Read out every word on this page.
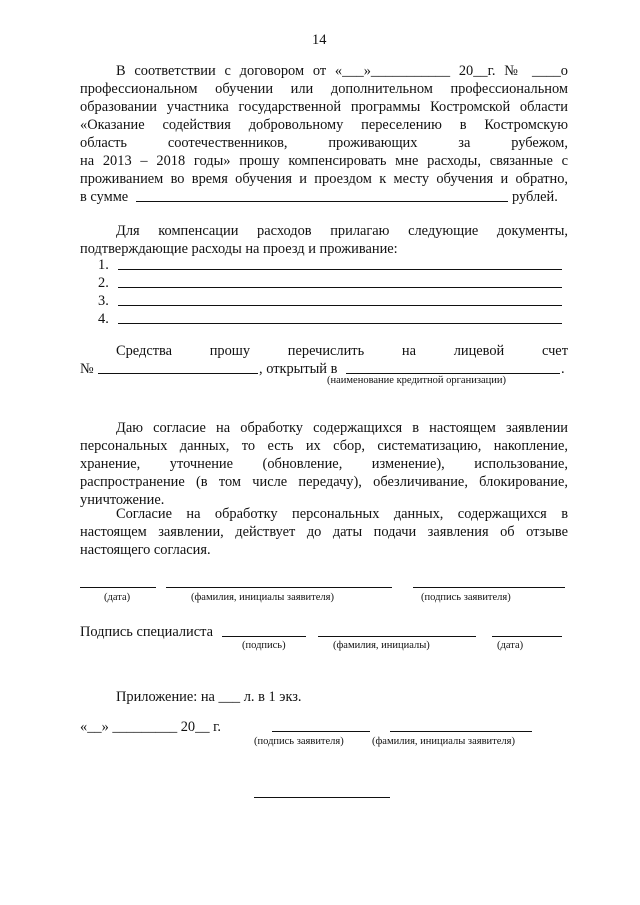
14
В соответствии с договором от «___»___________ 20__г. № ____о
профессиональном обучении или дополнительном профессиональном
образовании участника государственной программы Костромской области
«Оказание содействия добровольному переселению в Костромскую
область соотечественников, проживающих за рубежом,
на 2013 – 2018 годы» прошу компенсировать мне расходы, связанные с
проживанием во время обучения и проездом к месту обучения и обратно,
в сумме	рублей.
Для компенсации расходов прилагаю следующие документы,
подтверждающие расходы на проезд и проживание:
1.
2.
3.
4.
Средства прошу перечислить на лицевой счет
№	, открытый в	.
(наименование кредитной организации)
Даю согласие на обработку содержащихся в настоящем заявлении
персональных данных, то есть их сбор, систематизацию, накопление,
хранение, уточнение (обновление, изменение), использование,
распространение (в том числе передачу), обезличивание, блокирование,
уничтожение.
Согласие на обработку персональных данных, содержащихся в
настоящем заявлении, действует до даты подачи заявления об отзыве
настоящего согласия.
(дата)	(фамилия, инициалы заявителя)	(подпись заявителя)
Подпись специалиста
(подпись)	(фамилия, инициалы)	(дата)
Приложение: на ___ л. в 1 экз.
«__» _________ 20__ г.
(подпись заявителя)	(фамилия, инициалы заявителя)
